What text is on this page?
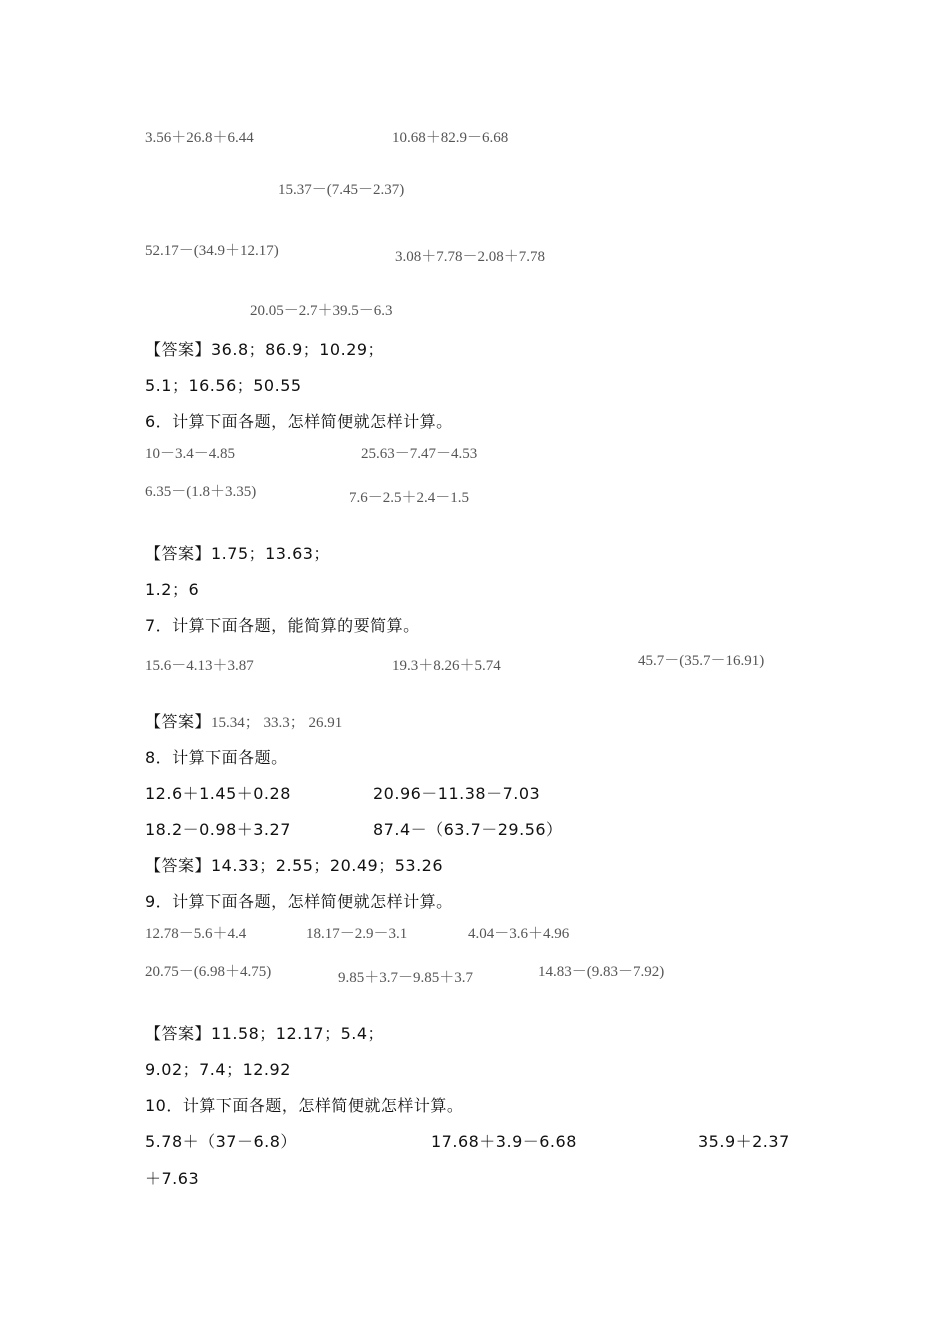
3.56＋26.8＋6.44	10.68＋82.9－6.68
15.37－(7.45－2.37)
52.17－(34.9＋12.17)	3.08＋7.78－2.08＋7.78
20.05－2.7＋39.5－6.3
【答案】36.8；86.9；10.29；
5.1；16.56；50.55
6．计算下面各题，怎样简便就怎样计算。
10－3.4－4.85	25.63－7.47－4.53
6.35－(1.8＋3.35)	7.6－2.5＋2.4－1.5
【答案】1.75；13.63；
1.2；6
7．计算下面各题，能简算的要简算。
15.6－4.13＋3.87	19.3＋8.26＋5.74	45.7－(35.7－16.91)
【答案】15.34； 33.3； 26.91
8．计算下面各题。
12.6＋1.45＋0.28	20.96－11.38－7.03
18.2－0.98＋3.27	87.4－（63.7－29.56）
【答案】14.33；2.55；20.49；53.26
9．计算下面各题，怎样简便就怎样计算。
12.78－5.6＋4.4	18.17－2.9－3.1	4.04－3.6＋4.96
20.75－(6.98＋4.75)	9.85＋3.7－9.85＋3.7	14.83－(9.83－7.92)
【答案】11.58；12.17；5.4；
9.02；7.4；12.92
10．计算下面各题，怎样简便就怎样计算。
5.78＋（37－6.8）	17.68＋3.9－6.68	35.9＋2.37
＋7.63
